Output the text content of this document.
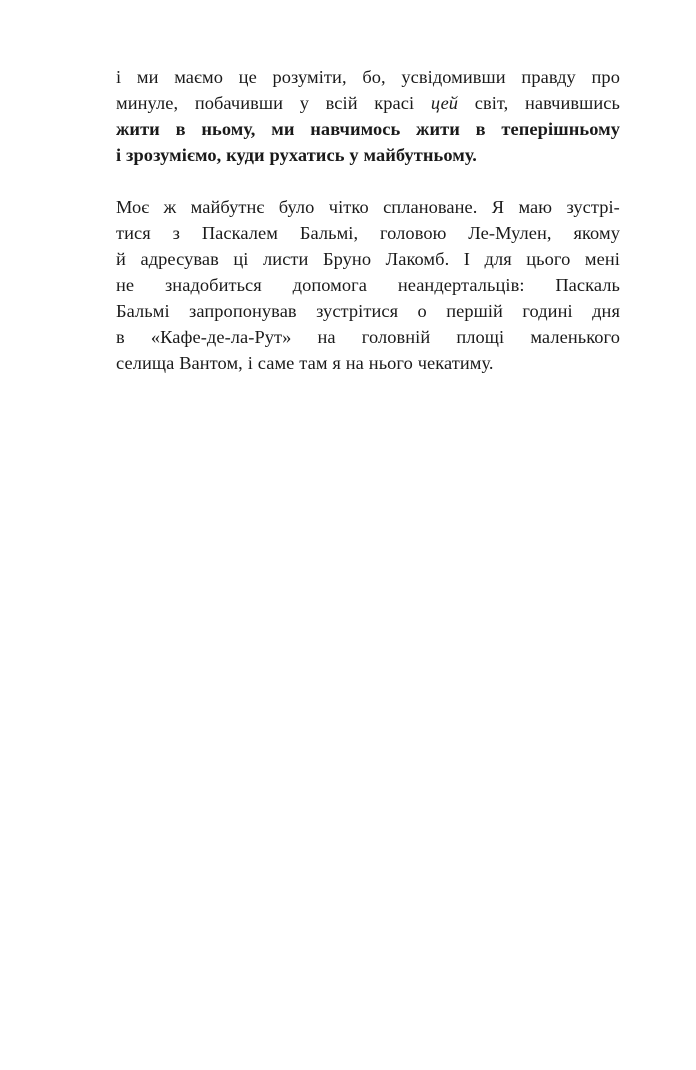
і ми маємо це розуміти, бо, усвідомивши правду про
минуле, побачивши у всій красі цей світ, навчившись
жити в ньому, ми навчимось жити в теперішньому
і зрозуміємо, куди рухатись у майбутньому.

Моє ж майбутнє було чітко сплановане. Я маю зустрі-
тися з Паскалем Бальмі, головою Ле-Мулен, якому
й адресував ці листи Бруно Лакомб. І для цього мені
не знадобиться допомога неандертальців: Паскаль
Бальмі запропонував зустрітися о першій годині дня
в «Кафе-де-ла-Рут» на головній площі маленького
селища Вантом, і саме там я на нього чекатиму.
